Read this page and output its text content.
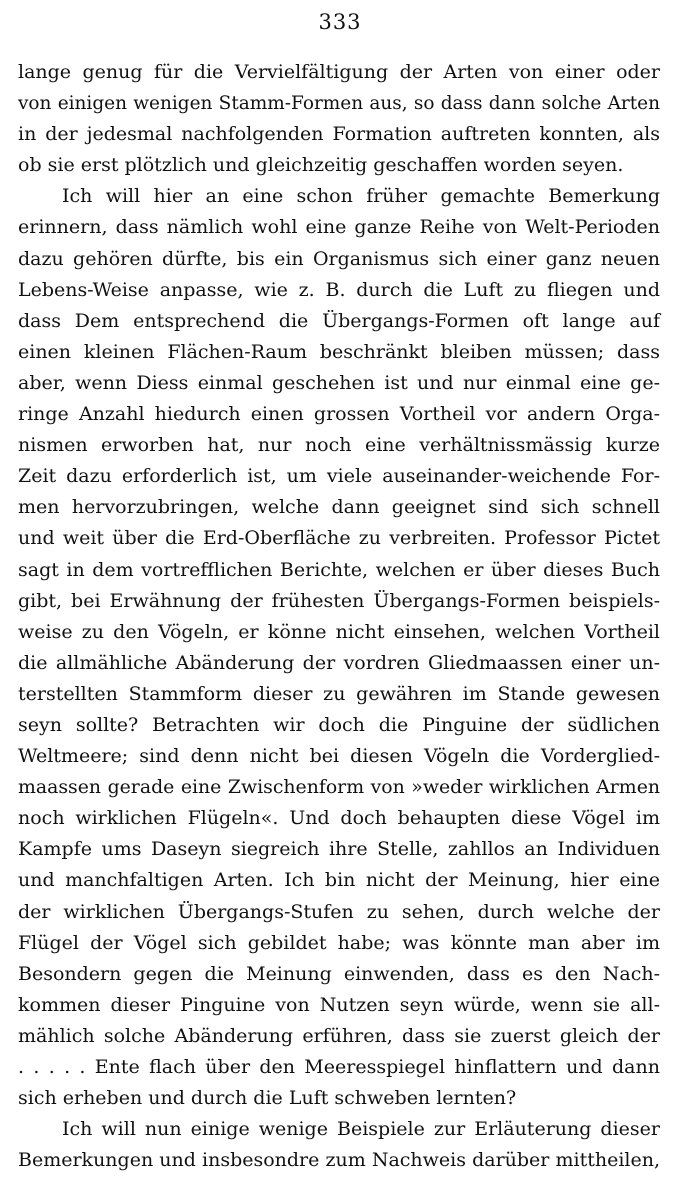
333
lange genug für die Vervielfältigung der Arten von einer oder
von einigen wenigen Stamm-Formen aus, so dass dann solche Arten
in der jedesmal nachfolgenden Formation auftreten konnten, als
ob sie erst plötzlich und gleichzeitig geschaffen worden seyen.
Ich will hier an eine schon früher gemachte Bemerkung
erinnern, dass nämlich wohl eine ganze Reihe von Welt-Perioden
dazu gehören dürfte, bis ein Organismus sich einer ganz neuen
Lebens-Weise anpasse, wie z. B. durch die Luft zu fliegen und
dass Dem entsprechend die Übergangs-Formen oft lange auf
einen kleinen Flächen-Raum beschränkt bleiben müssen; dass
aber, wenn Diess einmal geschehen ist und nur einmal eine ge-
ringe Anzahl hiedurch einen grossen Vortheil vor andern Orga-
nismen erworben hat, nur noch eine verhältnissmässig kurze
Zeit dazu erforderlich ist, um viele auseinander-weichende For-
men hervorzubringen, welche dann geeignet sind sich schnell
und weit über die Erd-Oberfläche zu verbreiten. Professor Pictet
sagt in dem vortrefflichen Berichte, welchen er über dieses Buch
gibt, bei Erwähnung der frühesten Übergangs-Formen beispiels-
weise zu den Vögeln, er könne nicht einsehen, welchen Vortheil
die allmähliche Abänderung der vordren Gliedmaassen einer un-
terstellten Stammform dieser zu gewähren im Stande gewesen
seyn sollte? Betrachten wir doch die Pinguine der südlichen
Weltmeere; sind denn nicht bei diesen Vögeln die Vorderglied-
maassen gerade eine Zwischenform von »weder wirklichen Armen
noch wirklichen Flügeln«. Und doch behaupten diese Vögel im
Kampfe ums Daseyn siegreich ihre Stelle, zahllos an Individuen
und manchfaltigen Arten. Ich bin nicht der Meinung, hier eine
der wirklichen Übergangs-Stufen zu sehen, durch welche der
Flügel der Vögel sich gebildet habe; was könnte man aber im
Besondern gegen die Meinung einwenden, dass es den Nach-
kommen dieser Pinguine von Nutzen seyn würde, wenn sie all-
mählich solche Abänderung erführen, dass sie zuerst gleich der
. . . . . Ente flach über den Meeresspiegel hinflattern und dann
sich erheben und durch die Luft schweben lernten?
Ich will nun einige wenige Beispiele zur Erläuterung dieser
Bemerkungen und insbesondre zum Nachweis darüber mittheilen,
